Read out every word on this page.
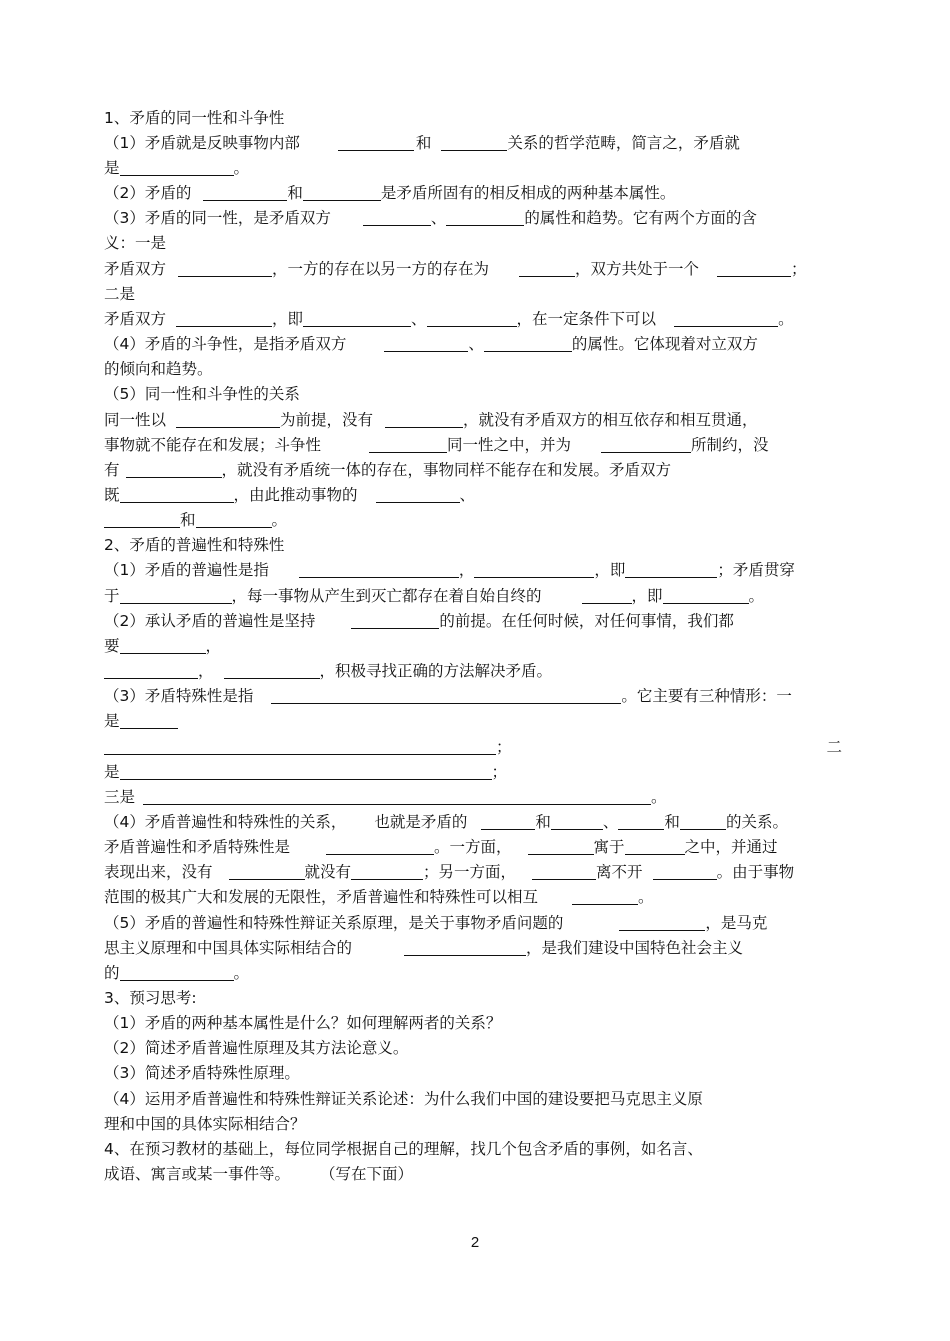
1、矛盾的同一性和斗争性
（1）矛盾就是反映事物内部	和	关系的哲学范畴，简言之，矛盾就
是	。
（2）矛盾的	和	是矛盾所固有的相反相成的两种基本属性。
（3）矛盾的同一性，是矛盾双方	、	的属性和趋势。它有两个方面的含
义：一是
矛盾双方	，一方的存在以另一方的存在为	，双方共处于一个	；
二是
矛盾双方	，即	、	，在一定条件下可以	。
（4）矛盾的斗争性，是指矛盾双方	、	的属性。它体现着对立双方
的倾向和趋势。
（5）同一性和斗争性的关系
同一性以	为前提，没有	，就没有矛盾双方的相互依存和相互贯通，
事物就不能存在和发展；斗争性	同一性之中，并为	所制约，没
有	，就没有矛盾统一体的存在，事物同样不能存在和发展。矛盾双方
既	，由此推动事物的	、
和	。
2、矛盾的普遍性和特殊性
（1）矛盾的普遍性是指	，	，即	；矛盾贯穿
于	，每一事物从产生到灭亡都存在着自始自终的	，即	。
（2）承认矛盾的普遍性是坚持	的前提。在任何时候，对任何事情，我们都
要	，
，	，积极寻找正确的方法解决矛盾。
（3）矛盾特殊性是指	。它主要有三种情形：一
是
；	二
是	；
三是	。
（4）矛盾普遍性和特殊性的关系， 也就是矛盾的	和	、	和	的关系。
矛盾普遍性和矛盾特殊性是	。一方面，	寓于	之中，并通过
表现出来，没有	就没有	；另一方面，	离不开	。由于事物
范围的极其广大和发展的无限性，矛盾普遍性和特殊性可以相互	。
（5）矛盾的普遍性和特殊性辩证关系原理，是关于事物矛盾问题的	，是马克
思主义原理和中国具体实际相结合的	，是我们建设中国特色社会主义
的	。
3、预习思考:
（1）矛盾的两种基本属性是什么？如何理解两者的关系？
（2）简述矛盾普遍性原理及其方法论意义。
（3）简述矛盾特殊性原理。
（4）运用矛盾普遍性和特殊性辩证关系论述：为什么我们中国的建设要把马克思主义原
理和中国的具体实际相结合？
4、在预习教材的基础上，每位同学根据自己的理解，找几个包含矛盾的事例，如名言、
成语、寓言或某一事件等。 （写在下面）
2
